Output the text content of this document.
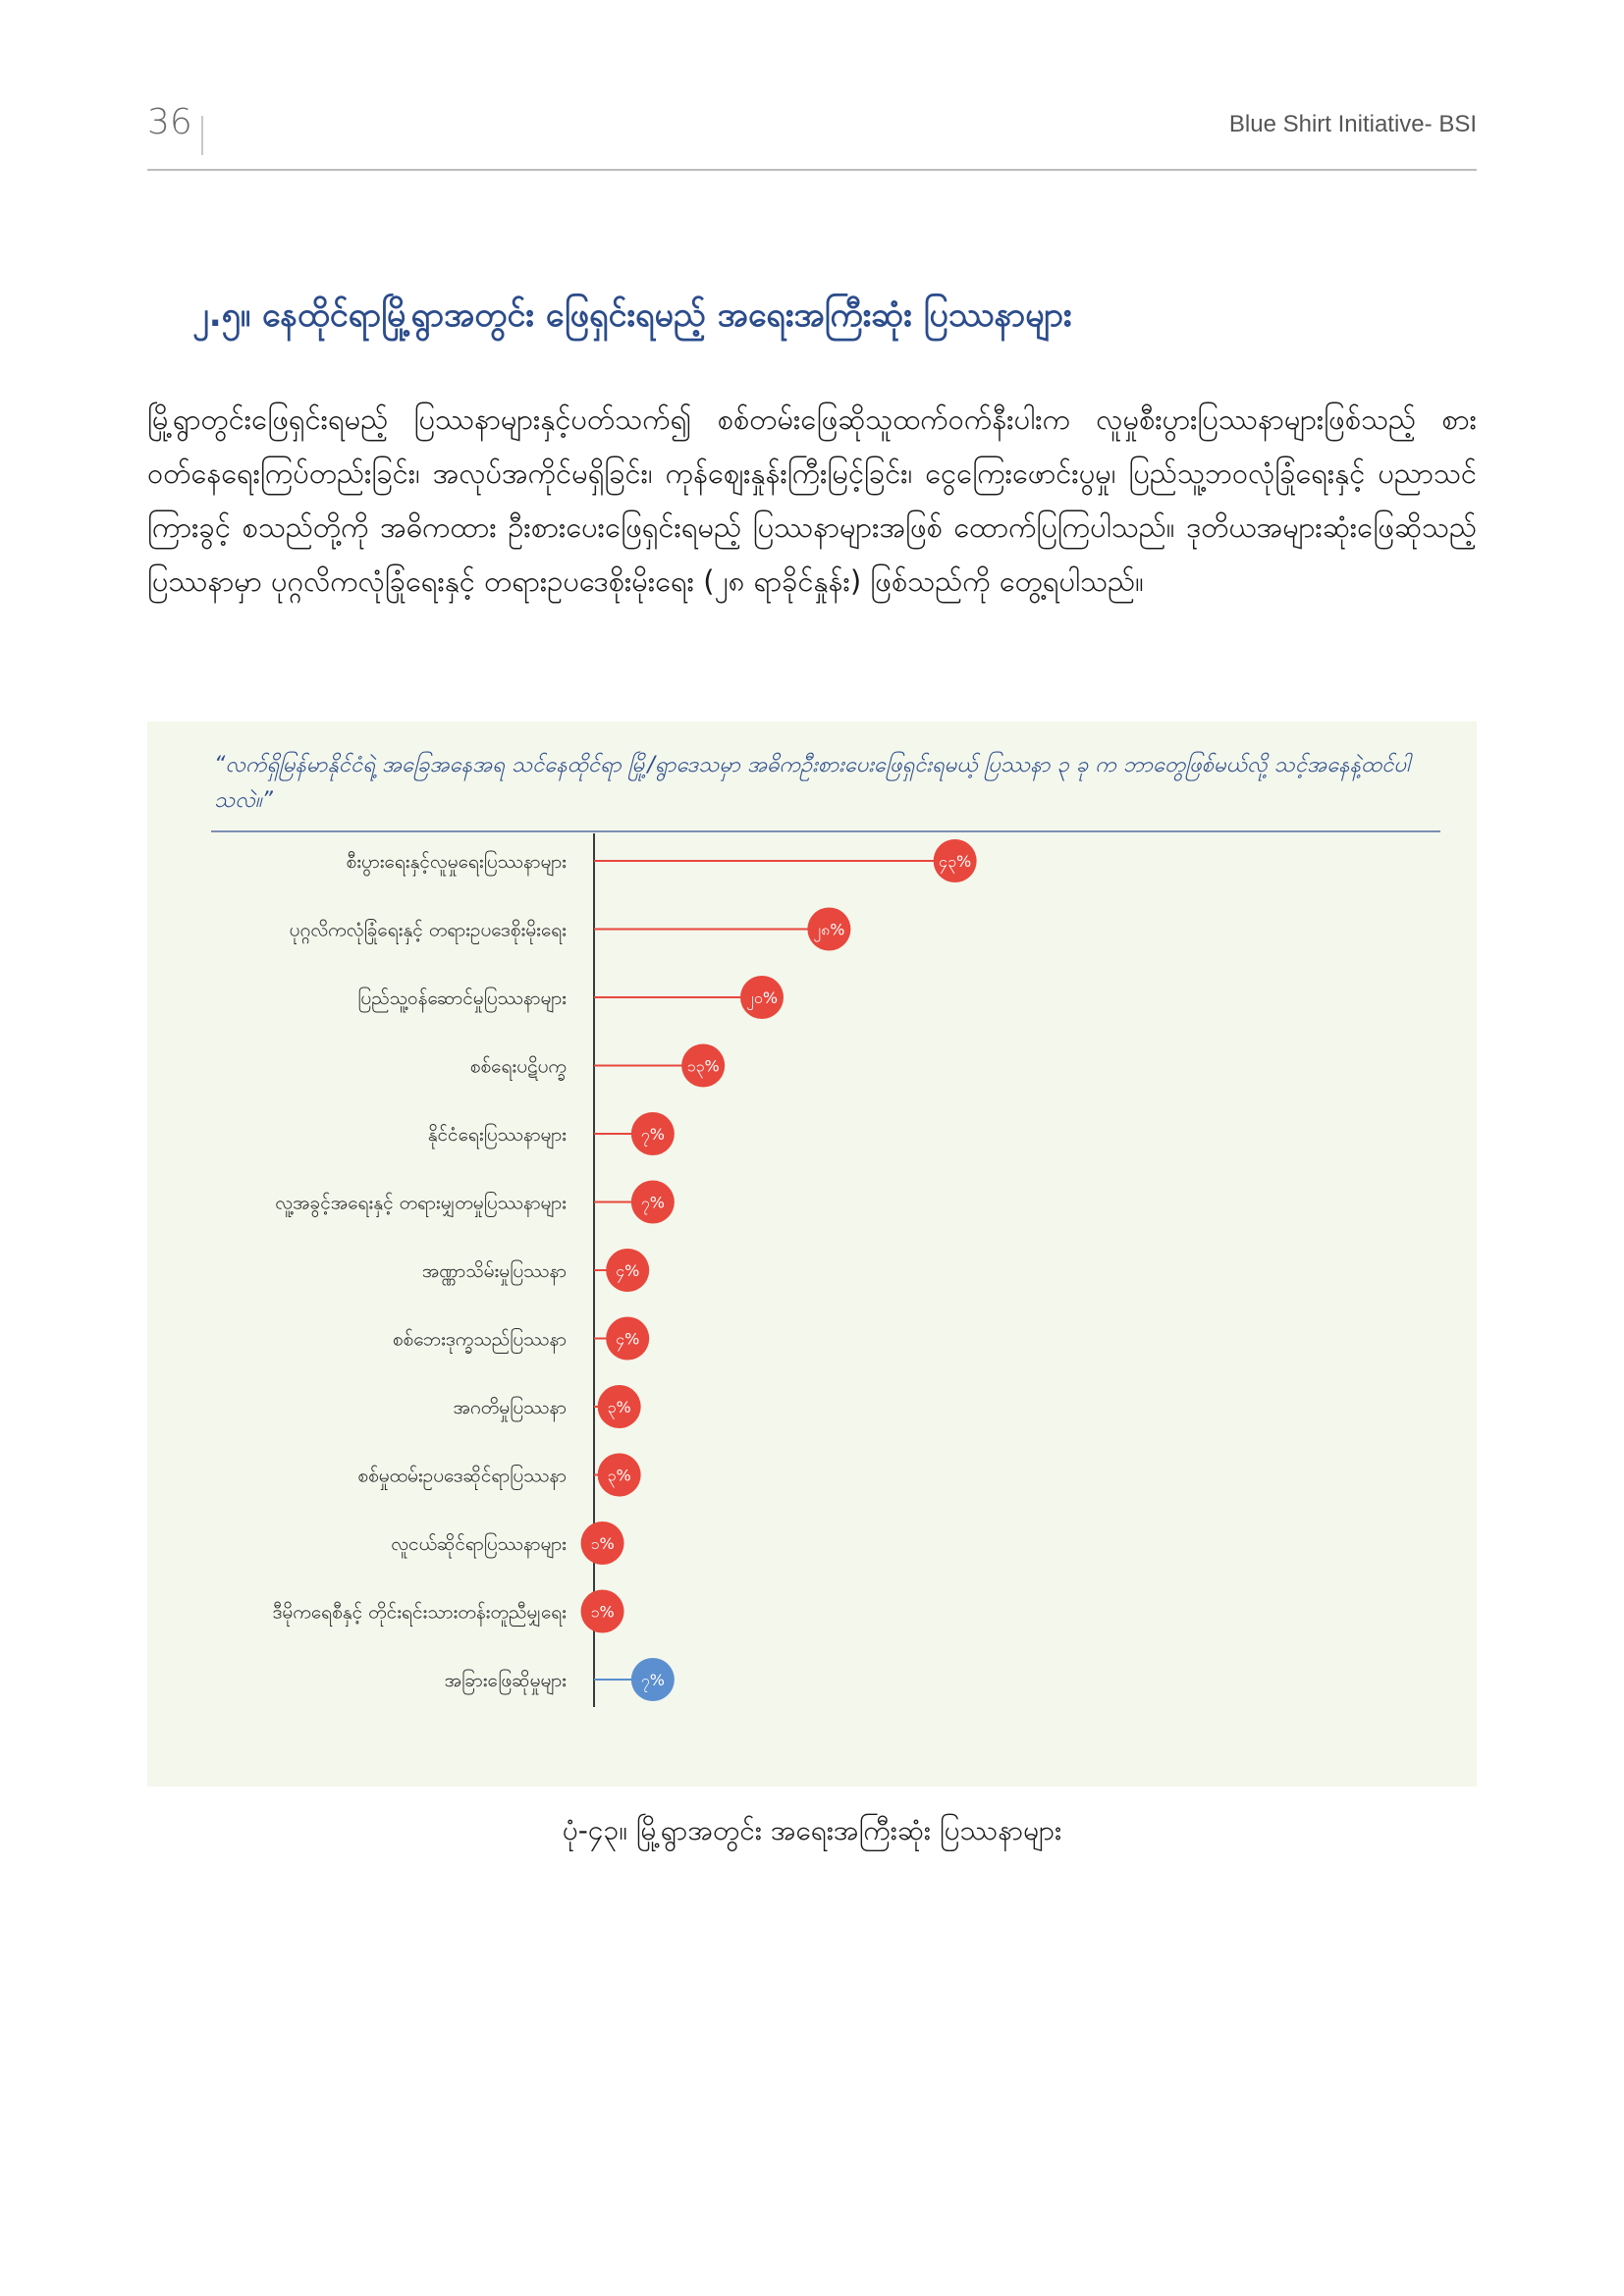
36	Blue Shirt Initiative- BSI
၂.၅။ နေထိုင်ရာမြို့ရွာအတွင်း ဖြေရှင်းရမည့် အရေးအကြီးဆုံး ပြဿနာများ
မြို့ရွာတွင်းဖြေရှင်းရမည့် ပြဿနာများနှင့်ပတ်သက်၍ စစ်တမ်းဖြေဆိုသူထက်ဝက်နီးပါးက လူမှုစီးပွားပြဿနာများဖြစ်သည့် စားဝတ်နေရေးကြပ်တည်းခြင်း၊ အလုပ်အကိုင်မရှိခြင်း၊ ကုန်ဈေးနှုန်းကြီးမြင့်ခြင်း၊ ငွေကြေးဖောင်းပွမှု၊ ပြည်သူ့ဘဝလုံခြုံရေးနှင့် ပညာသင်ကြားခွင့် စသည်တို့ကို အဓိကထား ဦးစားပေးဖြေရှင်းရမည့် ပြဿနာများအဖြစ် ထောက်ပြကြပါသည်။ ဒုတိယအများဆုံးဖြေဆိုသည့် ပြဿနာမှာ ပုဂ္ဂလိကလုံခြုံရေးနှင့် တရားဥပဒေစိုးမိုးရေး (၂၈ ရာခိုင်နှုန်း) ဖြစ်သည်ကို တွေ့ရပါသည်။
“လက်ရှိမြန်မာနိုင်ငံရဲ့ အခြေအနေအရ သင်နေထိုင်ရာ မြို့/ရွာဒေသမှာ အဓိကဦးစားပေးဖြေရှင်းရမယ့် ပြဿနာ ၃ ခု က ဘာတွေဖြစ်မယ်လို့ သင့်အနေနဲ့ထင်ပါသလဲ။”
စီးပွားရေးနှင့်လူမှုရေးပြဿနာများ	၄၃%
ပုဂ္ဂလိကလုံခြုံရေးနှင့် တရားဥပဒေစိုးမိုးရေး	၂၈%
ပြည်သူ့ဝန်ဆောင်မှုပြဿနာများ	၂၀%
စစ်ရေးပဋိပက္ခ	၁၃%
နိုင်ငံရေးပြဿနာများ	၇%
လူ့အခွင့်အရေးနှင့် တရားမျှတမှုပြဿနာများ	၇%
အဏ္ဏာသိမ်းမှုပြဿနာ	၄%
စစ်ဘေးဒုက္ခသည်ပြဿနာ	၄%
အဂတိမှုပြဿနာ	၃%
စစ်မှုထမ်းဥပဒေဆိုင်ရာပြဿနာ	၃%
လူငယ်ဆိုင်ရာပြဿနာများ ၁%
ဒီမိုကရေစီနှင့် တိုင်းရင်းသားတန်းတူညီမျှရေး ၁%
အခြားဖြေဆိုမှုများ	၇%
ပုံ-၄၃။ မြို့ရွာအတွင်း အရေးအကြီးဆုံး ပြဿနာများ
